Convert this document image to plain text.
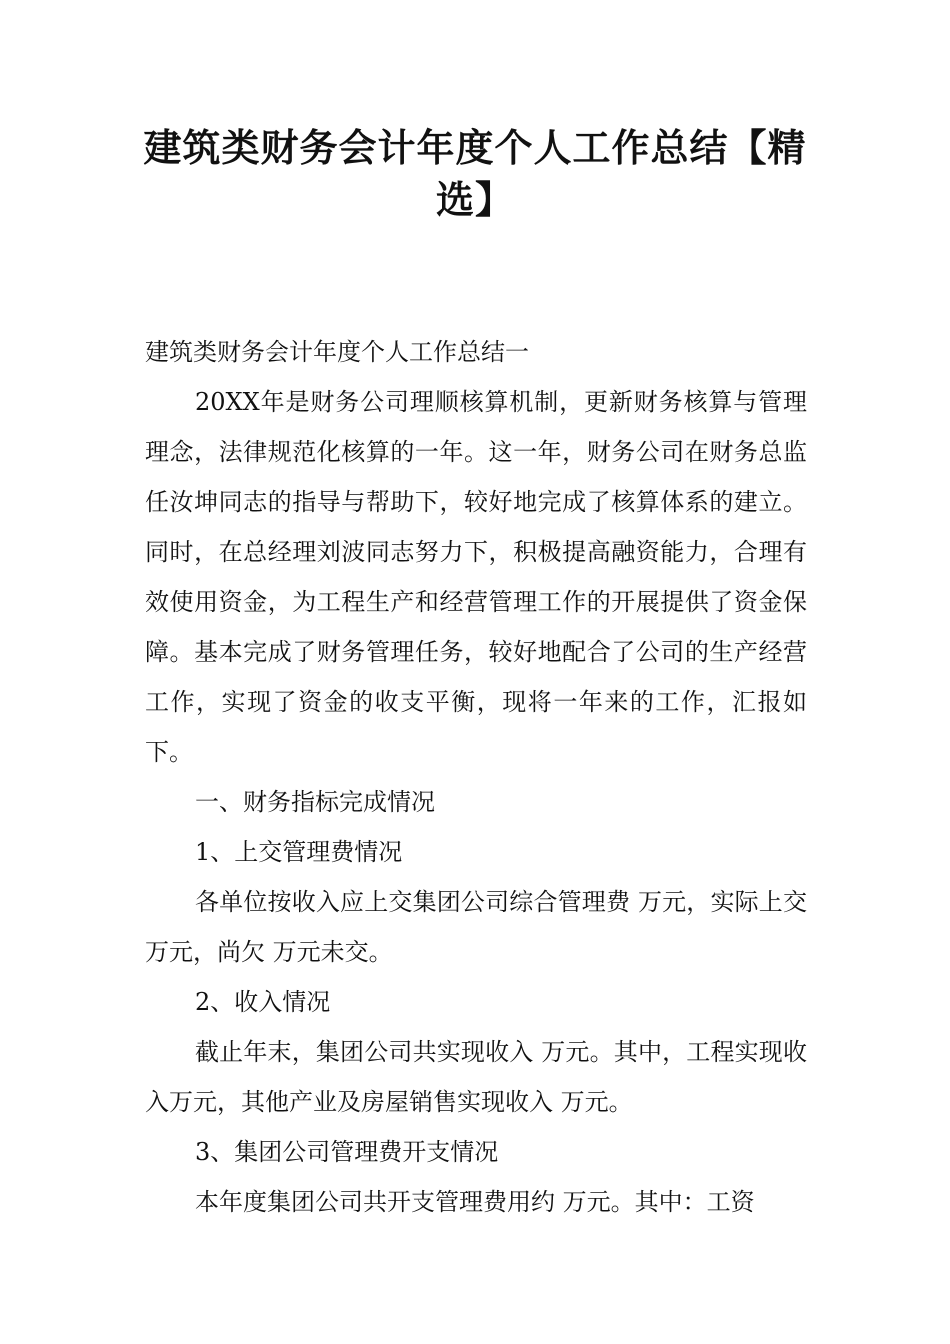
建筑类财务会计年度个人工作总结【精选】

建筑类财务会计年度个人工作总结一

20XX年是财务公司理顺核算机制，更新财务核算与管理理念，法律规范化核算的一年。这一年，财务公司在财务总监任汝坤同志的指导与帮助下，较好地完成了核算体系的建立。同时，在总经理刘波同志努力下，积极提高融资能力，合理有效使用资金，为工程生产和经营管理工作的开展提供了资金保障。基本完成了财务管理任务，较好地配合了公司的生产经营工作，实现了资金的收支平衡，现将一年来的工作，汇报如下。

一、财务指标完成情况

1、上交管理费情况

各单位按收入应上交集团公司综合管理费 万元，实际上交 万元，尚欠 万元未交。

2、收入情况

截止年末，集团公司共实现收入 万元。其中，工程实现收入万元，其他产业及房屋销售实现收入 万元。

3、集团公司管理费开支情况

本年度集团公司共开支管理费用约 万元。其中：工资
